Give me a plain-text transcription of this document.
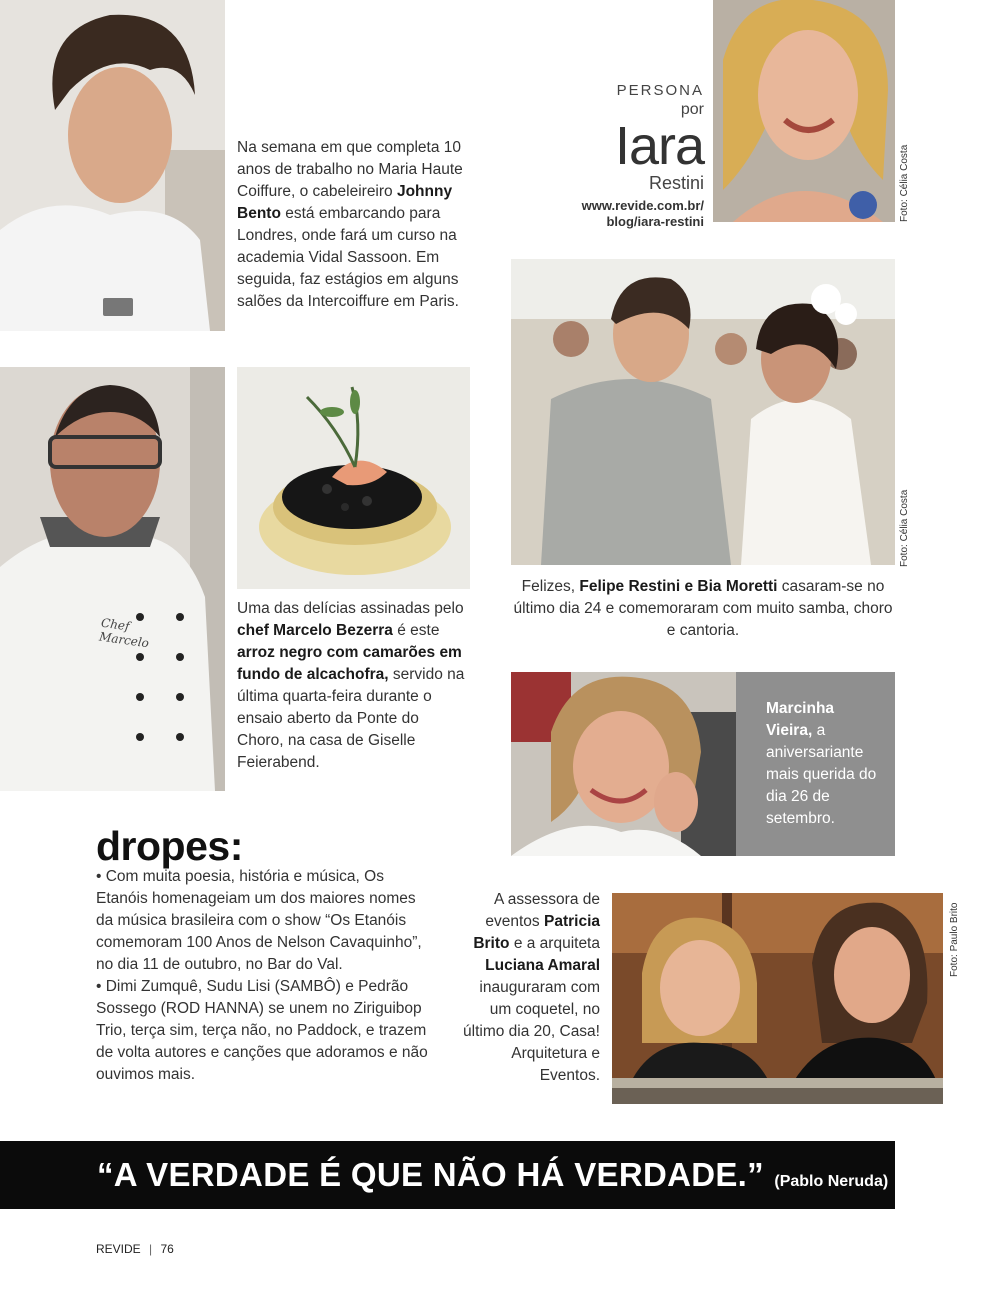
Na semana em que completa 10 anos de trabalho no Maria Haute Coiffure, o cabeleireiro Johnny Bento está embarcando para Londres, onde fará um curso na academia Vidal Sassoon. Em seguida, faz estágios em alguns salões da Intercoiffure em Paris.
PERSONA
por
Iara
Restini
www.revide.com.br/
blog/iara-restini	Foto: Célia Costa
Foto: Célia Costa
Felizes, Felipe Restini e Bia Moretti casaram-se no último dia 24 e comemoraram com muito samba, choro e cantoria.
Chef
Marcelo
Uma das delícias assinadas pelo chef Marcelo Bezerra é este arroz negro com camarões em fundo de alcachofra, servido na última quarta-feira durante o ensaio aberto da Ponte do Choro, na casa de Giselle Feierabend.
Marcinha Vieira, a aniversariante mais querida do dia 26 de setembro.
dropes:
• Com muita poesia, história e música, Os Etanóis homenageiam um dos maiores nomes da música brasileira com o show “Os Etanóis comemoram 100 Anos de Nelson Cavaquinho”, no dia 11 de outubro, no Bar do Val.
• Dimi Zumquê, Sudu Lisi (SAMBÔ) e Pedrão Sossego (ROD HANNA) se unem no Ziriguibop Trio, terça sim, terça não, no Paddock, e trazem de volta autores e canções que adoramos e não ouvimos mais.
A assessora de eventos Patricia Brito e a arquiteta Luciana Amaral inauguraram com um coquetel, no último dia 20, Casa! Arquitetura e Eventos.
Foto: Paulo Brito
“A VERDADE É QUE NÃO HÁ VERDADE.” (Pablo Neruda)
REVIDE | 76
